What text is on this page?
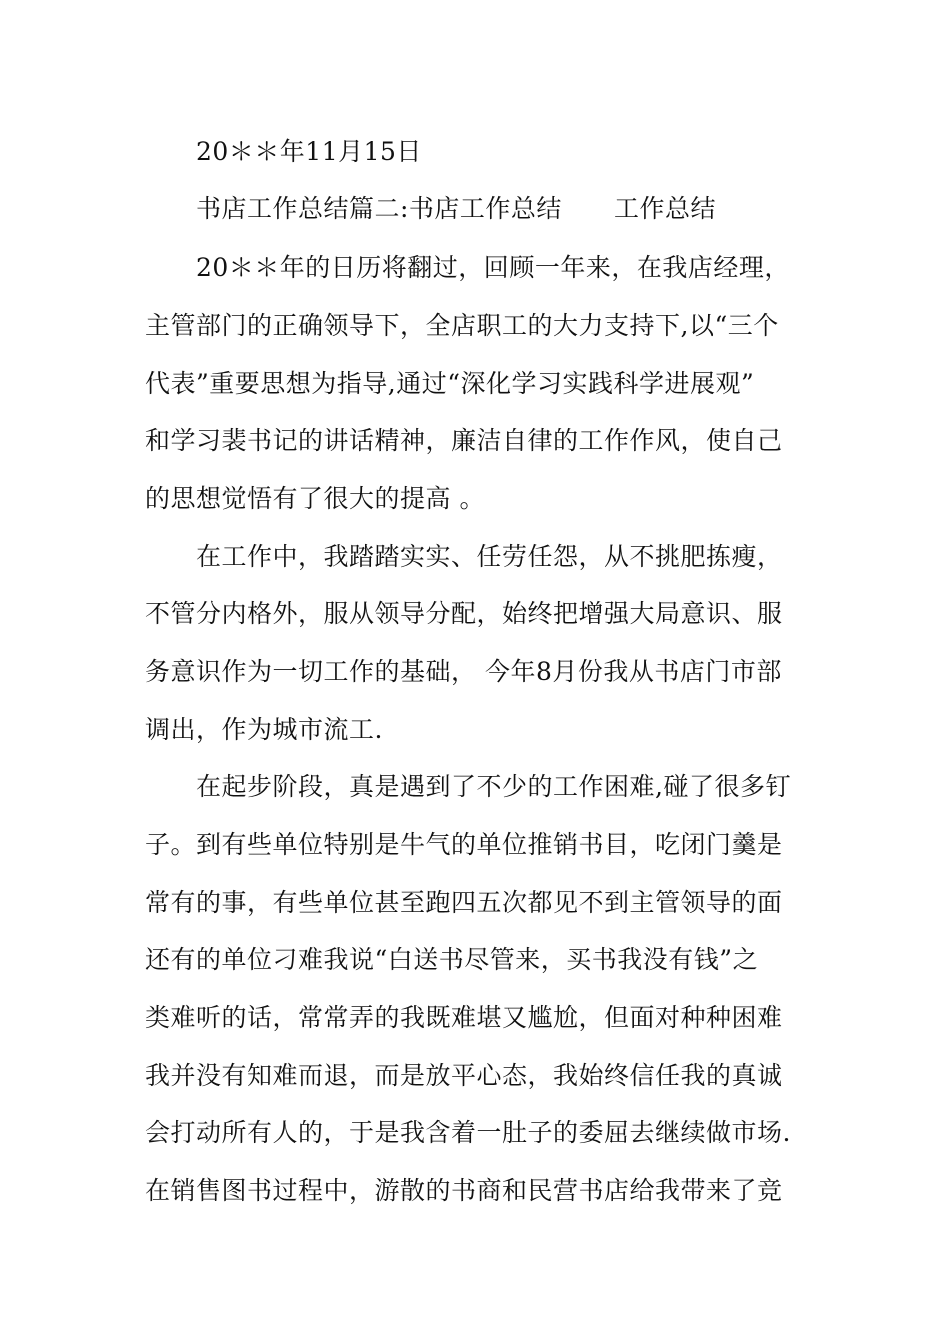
20＊＊年11月15日
书店工作总结篇二:书店工作总结 工作总结
20＊＊年的日历将翻过，回顾一年来，在我店经理，
主管部门的正确领导下，全店职工的大力支持下,以“三个
代表”重要思想为指导,通过“深化学习实践科学进展观”
和学习裴书记的讲话精神，廉洁自律的工作作风，使自己
的思想觉悟有了很大的提高 。
在工作中，我踏踏实实、任劳任怨，从不挑肥拣瘦，
不管分内格外，服从领导分配，始终把增强大局意识、服
务意识作为一切工作的基础， 今年8月份我从书店门市部
调出，作为城市流工.
在起步阶段，真是遇到了不少的工作困难,碰了很多钉
子。到有些单位特别是牛气的单位推销书目，吃闭门羹是
常有的事，有些单位甚至跑四五次都见不到主管领导的面
还有的单位刁难我说“白送书尽管来，买书我没有钱”之
类难听的话，常常弄的我既难堪又尴尬，但面对种种困难
我并没有知难而退，而是放平心态，我始终信任我的真诚
会打动所有人的，于是我含着一肚子的委屈去继续做市场.
在销售图书过程中，游散的书商和民营书店给我带来了竞
